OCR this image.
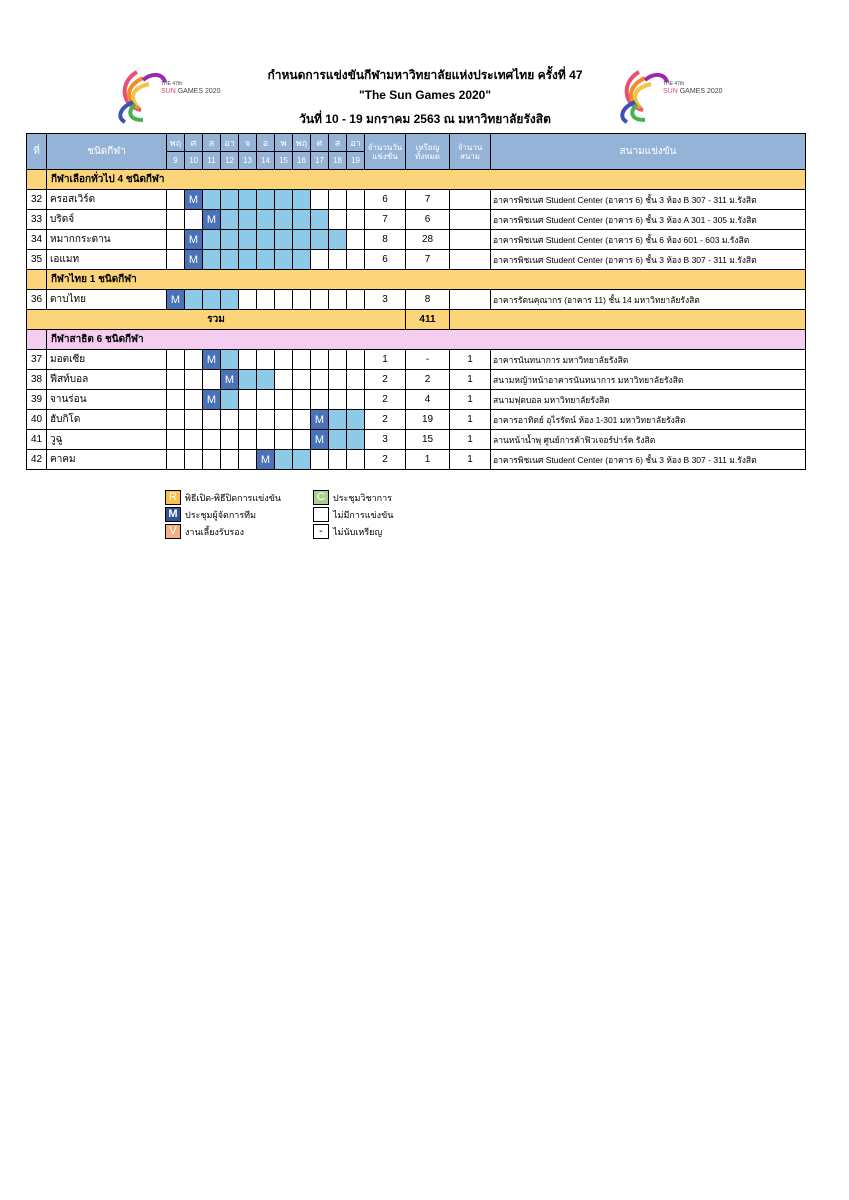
THE 47th
SUN GAMES 2020
THE 47th
SUN GAMES 2020
กำหนดการแข่งขันกีฬามหาวิทยาลัยแห่งประเทศไทย ครั้งที่ 47
"The Sun Games 2020"
วันที่ 10 - 19 มกราคม 2563 ณ มหาวิทยาลัยรังสิต
ที่	ชนิดกีฬา	พฤ	ศ	ส	อา	จ	อ	พ	พฤ	ศ	ส	อา	จำนวนวันแข่งขัน	เหรียญทั้งหมด	จำนวนสนาม	สนามแข่งขัน
		9	10	11	12	13	14	15	16	17	18	19				
	กีฬาเลือกทั่วไป 4 ชนิดกีฬา															
32	ครอสเวิร์ด		M										6	7		อาคารพิชเนศ Student Center (อาคาร 6) ชั้น 3 ห้อง B 307 - 311 ม.รังสิต
33	บริดจ์			M									7	6		อาคารพิชเนศ Student Center (อาคาร 6) ชั้น 3 ห้อง A 301 - 305 ม.รังสิต
34	หมากกระดาน		M										8	28		อาคารพิชเนศ Student Center (อาคาร 6) ชั้น 6 ห้อง 601 - 603 ม.รังสิต
35	เอแมท		M										6	7		อาคารพิชเนศ Student Center (อาคาร 6) ชั้น 3 ห้อง B 307 - 311 ม.รังสิต
	กีฬาไทย 1 ชนิดกีฬา															
36	ดาบไทย	M											3	8		อาคารรัตนคุณากร (อาคาร 11) ชั้น 14 มหาวิทยาลัยรังสิต
รวม														411		
	กีฬาสาธิต 6 ชนิดกีฬา															
37	มอตเซีย			M									1	-	1	อาคารนันทนาการ มหาวิทยาลัยรังสิต
38	ฟีสท์บอล				M								2	2	1	สนามหญ้าหน้าอาคารนันทนาการ มหาวิทยาลัยรังสิต
39	จานร่อน			M									2	4	1	สนามฟุตบอล มหาวิทยาลัยรังสิต
40	ฮับกิโด									M			2	19	1	อาคารอาทิตย์ อุไรรัตน์ ห้อง 1-301 มหาวิทยาลัยรังสิต
41	วูฉู									M			3	15	1	ลานหน้าน้ำพุ ศูนย์การค้าฟิวเจอร์ปาร์ค รังสิต
42	คาคม						M						2	1	1	อาคารพิชเนศ Student Center (อาคาร 6) ชั้น 3 ห้อง B 307 - 311 ม.รังสิต
R พิธีเปิด-พิธีปิดการแข่งขัน
M ประชุมผู้จัดการทีม
V งานเลี้ยงรับรอง
C ประชุมวิชาการ
ไม่มีการแข่งขัน
-	ไม่นับเหรียญ
